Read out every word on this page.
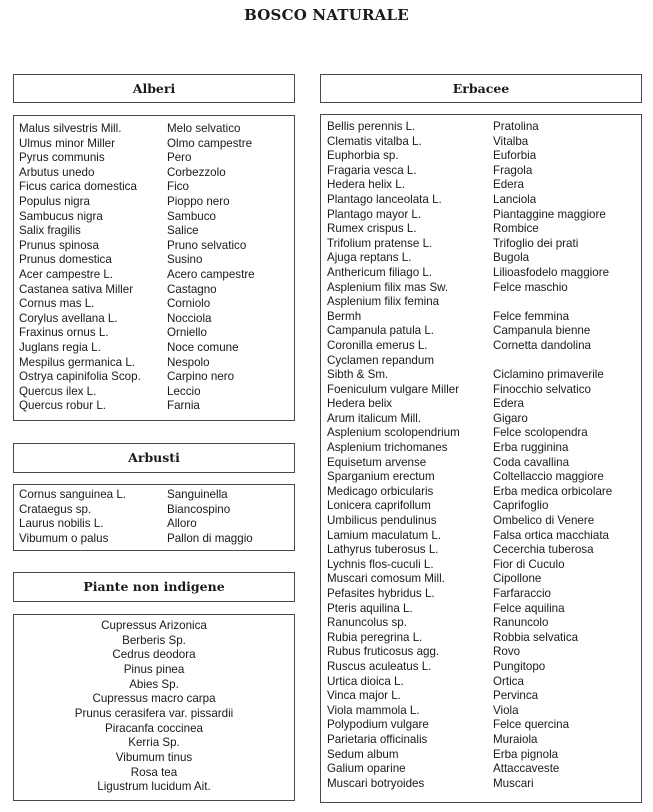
BOSCO NATURALE
Alberi
Malus silvestris Mill.	Melo selvatico
Ulmus minor Miller	Olmo campestre
Pyrus communis	Pero
Arbutus unedo	Corbezzolo
Ficus carica domestica	Fico
Populus nigra	Pioppo nero
Sambucus nigra	Sambuco
Salix fragilis	Salice
Prunus spinosa	Pruno selvatico
Prunus domestica	Susino
Acer campestre L.	Acero campestre
Castanea sativa Miller	Castagno
Cornus mas L.	Corniolo
Corylus avellana L.	Nocciola
Fraxinus ornus L.	Orniello
Juglans regia L.	Noce comune
Mespilus germanica L.	Nespolo
Ostrya capinifolia Scop.	Carpino nero
Quercus ilex L.	Leccio
Quercus robur L.	Farnia
Arbusti
Cornus sanguinea L.	Sanguinella
Crataegus sp.	Biancospino
Laurus nobilis L.	Alloro
Vibumum o palus	Pallon di maggio
Piante non indigene
Cupressus Arizonica
Berberis Sp.
Cedrus deodora
Pinus pinea
Abies Sp.
Cupressus macro carpa
Prunus cerasifera var. pissardii
Piracanfa coccinea
Kerria Sp.
Vibumum tinus
Rosa tea
Ligustrum lucidum Ait.
Erbacee
Bellis perennis L.	Pratolina
Clematis vitalba L.	Vitalba
Euphorbia sp.	Euforbia
Fragaria vesca L.	Fragola
Hedera helix L.	Edera
Plantago lanceolata L.	Lanciola
Plantago mayor L.	Piantaggine maggiore
Rumex crispus L.	Rombice
Trifolium pratense L.	Trifoglio dei prati
Ajuga reptans L.	Bugola
Anthericum filiago L.	Lilioasfodelo maggiore
Asplenium filix mas Sw.	Felce maschio
Asplenium filix femina
Bermh	Felce femmina
Campanula patula L.	Campanula bienne
Coronilla emerus L.	Cornetta dandolina
Cyclamen repandum
Sibth & Sm.	Ciclamino primaverile
Foeniculum vulgare Miller	Finocchio selvatico
Hedera belix	Edera
Arum italicum Mill.	Gigaro
Asplenium scolopendrium	Felce scolopendra
Asplenium trichomanes	Erba rugginina
Equisetum arvense	Coda cavallina
Sparganium erectum	Coltellaccio maggiore
Medicago orbicularis	Erba medica orbicolare
Lonicera caprifollum	Caprifoglio
Umbilicus pendulinus	Ombelico di Venere
Lamium maculatum L.	Falsa ortica macchiata
Lathyrus tuberosus L.	Cecerchia tuberosa
Lychnis flos-cuculi L.	Fior di Cuculo
Muscari comosum Mill.	Cipollone
Pefasites hybridus L.	Farfaraccio
Pteris aquilina L.	Felce aquilina
Ranuncolus sp.	Ranuncolo
Rubia peregrina L.	Robbia selvatica
Rubus fruticosus agg.	Rovo
Ruscus aculeatus L.	Pungitopo
Urtica dioica L.	Ortica
Vinca major L.	Pervinca
Viola mammola L.	Viola
Polypodium vulgare	Felce quercina
Parietaria officinalis	Muraiola
Sedum album	Erba pignola
Galium oparine	Attaccaveste
Muscari botryoides	Muscari
